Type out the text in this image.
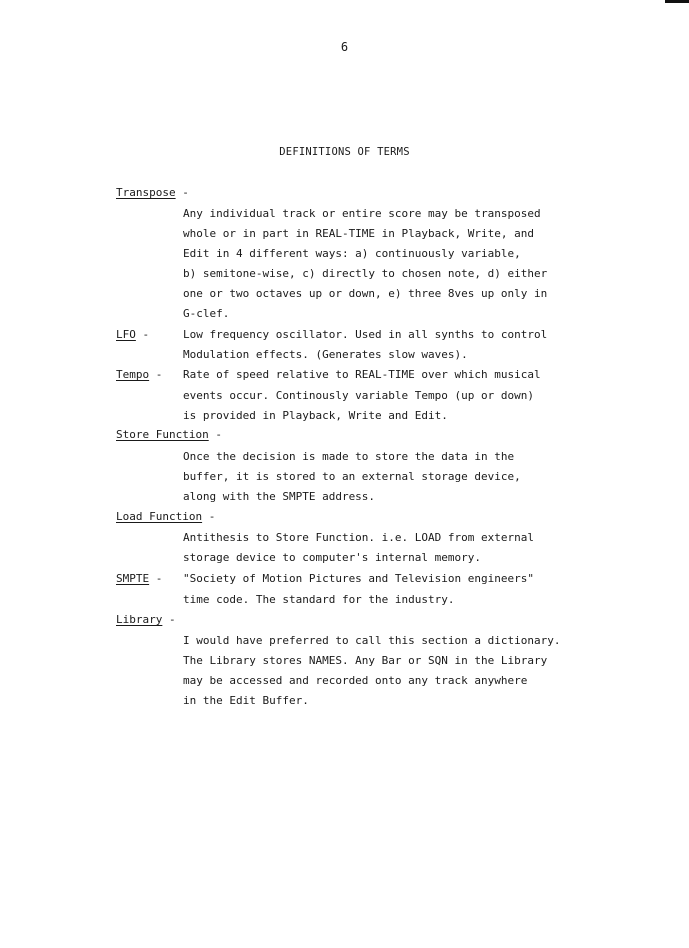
6
DEFINITIONS OF TERMS
Transpose -
Any individual track or entire score may be transposed
whole or in part in REAL-TIME in Playback, Write, and
Edit in 4 different ways: a) continuously variable,
b) semitone-wise, c) directly to chosen note, d) either
one or two octaves up or down, e) three 8ves up only in
G-clef.
LFO -	Low frequency oscillator. Used in all synths to control
Modulation effects. (Generates slow waves).
Tempo - Rate of speed relative to REAL-TIME over which musical
events occur. Continously variable Tempo (up or down)
is provided in Playback, Write and Edit.
Store Function -
Once the decision is made to store the data in the
buffer, it is stored to an external storage device,
along with the SMPTE address.
Load Function -
Antithesis to Store Function. i.e. LOAD from external
storage device to computer's internal memory.
SMPTE - "Society of Motion Pictures and Television engineers"
time code. The standard for the industry.
Library -
I would have preferred to call this section a dictionary.
The Library stores NAMES. Any Bar or SQN in the Library
may be accessed and recorded onto any track anywhere
in the Edit Buffer.
